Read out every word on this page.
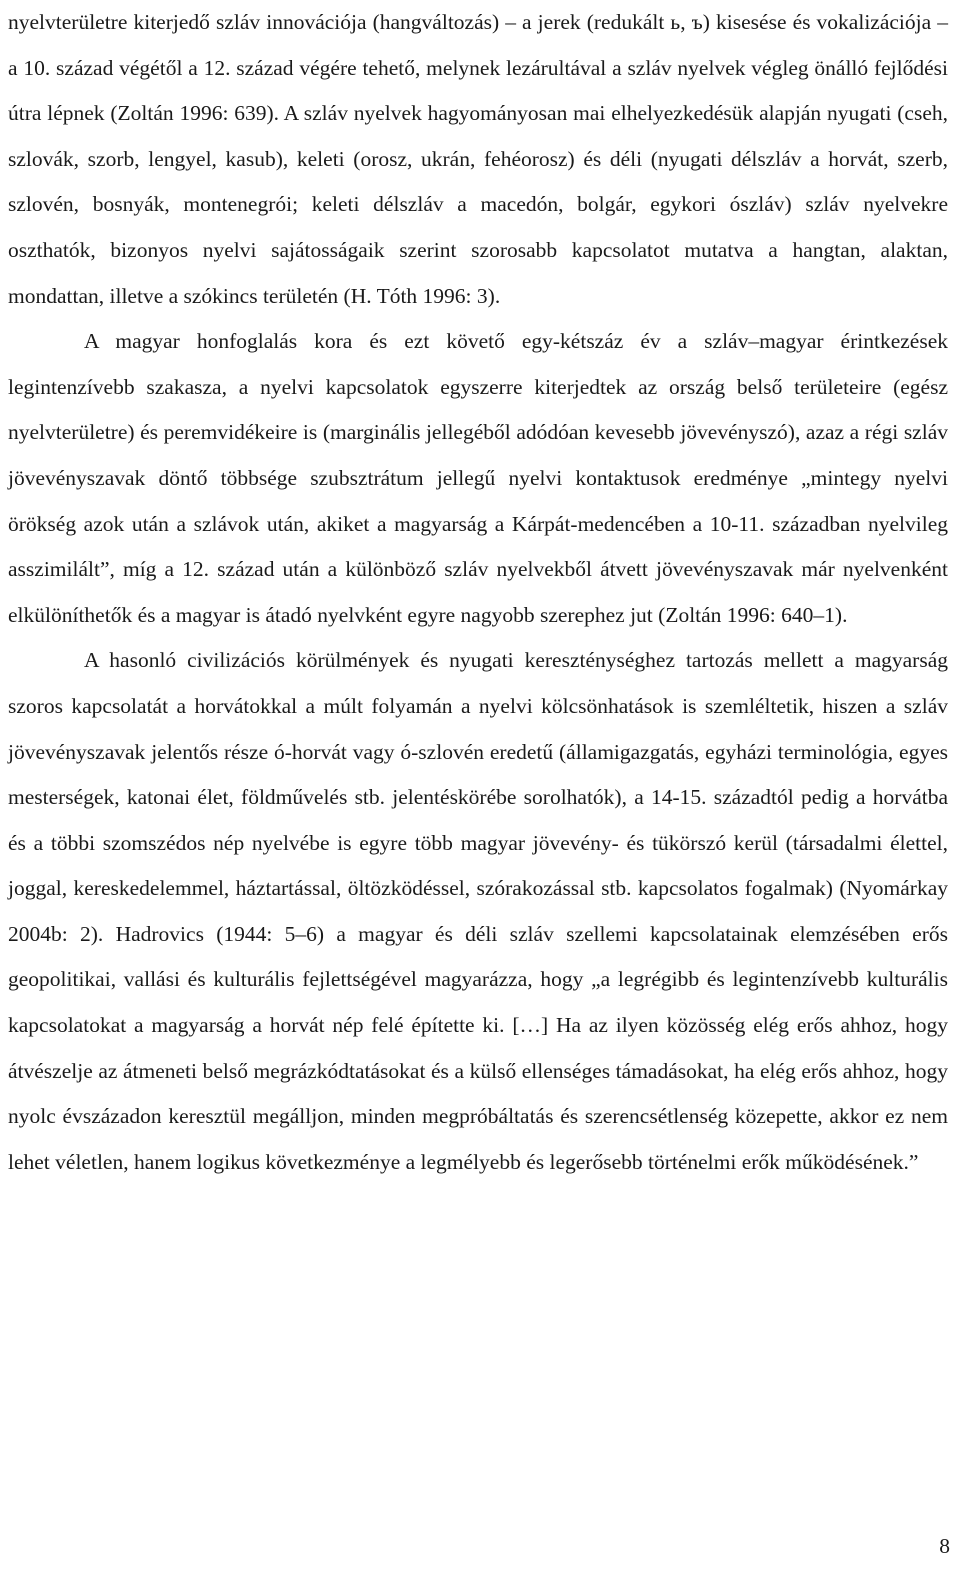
nyelvterületre kiterjedő szláv innovációja (hangváltozás) – a jerek (redukált ь, ъ) kisesése és vokalizációja – a 10. század végétől a 12. század végére tehető, melynek lezárultával a szláv nyelvek végleg önálló fejlődési útra lépnek (Zoltán 1996: 639). A szláv nyelvek hagyományosan mai elhelyezkedésük alapján nyugati (cseh, szlovák, szorb, lengyel, kasub), keleti (orosz, ukrán, fehéorosz) és déli (nyugati délszláv a horvát, szerb, szlovén, bosnyák, montenegrói; keleti délszláv a macedón, bolgár, egykori ószláv) szláv nyelvekre oszthatók, bizonyos nyelvi sajátosságaik szerint szorosabb kapcsolatot mutatva a hangtan, alaktan, mondattan, illetve a szókincs területén (H. Tóth 1996: 3).

A magyar honfoglalás kora és ezt követő egy-kétszáz év a szláv–magyar érintkezések legintenzívebb szakasza, a nyelvi kapcsolatok egyszerre kiterjedtek az ország belső területeire (egész nyelvterületre) és peremvidékeire is (marginális jellegéből adódóan kevesebb jövevényszó), azaz a régi szláv jövevényszavak döntő többsége szubsztrátum jellegű nyelvi kontaktusok eredménye „mintegy nyelvi örökség azok után a szlávok után, akiket a magyarság a Kárpát-medencében a 10-11. században nyelvileg asszimilált”, míg a 12. század után a különböző szláv nyelvekből átvett jövevényszavak már nyelvenként elkülöníthetők és a magyar is átadó nyelvként egyre nagyobb szerephez jut (Zoltán 1996: 640–1).

A hasonló civilizációs körülmények és nyugati kereszténységhez tartozás mellett a magyarság szoros kapcsolatát a horvátokkal a múlt folyamán a nyelvi kölcsönhatások is szemléltetik, hiszen a szláv jövevényszavak jelentős része ó-horvát vagy ó-szlovén eredetű (államigazgatás, egyházi terminológia, egyes mesterségek, katonai élet, földművelés stb. jelentéskörébe sorolhatók), a 14-15. századtól pedig a horvátba és a többi szomszédos nép nyelvébe is egyre több magyar jövevény- és tükörszó kerül (társadalmi élettel, joggal, kereskedelemmel, háztartással, öltözködéssel, szórakozással stb. kapcsolatos fogalmak) (Nyomárkay 2004b: 2). Hadrovics (1944: 5–6) a magyar és déli szláv szellemi kapcsolatainak elemzésében erős geopolitikai, vallási és kulturális fejlettségével magyarázza, hogy „a legrégibb és legintenzívebb kulturális kapcsolatokat a magyarság a horvát nép felé építette ki. […] Ha az ilyen közösség elég erős ahhoz, hogy átvészelje az átmeneti belső megrázkódtatásokat és a külső ellenséges támadásokat, ha elég erős ahhoz, hogy nyolc évszázadon keresztül megálljon, minden megpróbáltatás és szerencsétlenség közepette, akkor ez nem lehet véletlen, hanem logikus következménye a legmélyebb és legerősebb történelmi erők működésének.”

8
